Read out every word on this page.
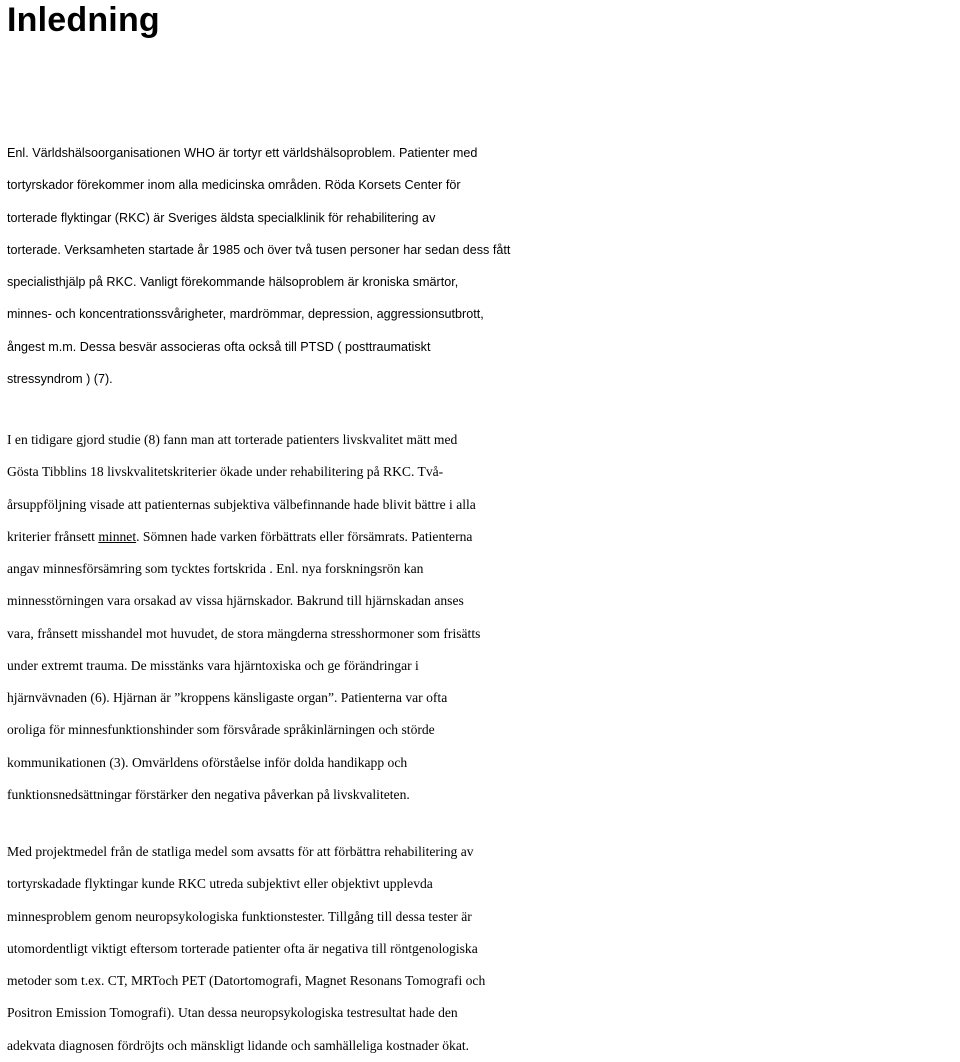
Inledning
Enl. Världshälsoorganisationen WHO är tortyr ett världshälsoproblem. Patienter med
tortyrskador förekommer inom alla medicinska områden. Röda Korsets Center för
torterade flyktingar (RKC) är Sveriges äldsta specialklinik för rehabilitering av
torterade. Verksamheten startade år 1985 och över två tusen personer har sedan dess fått
specialisthjälp på RKC. Vanligt förekommande hälsoproblem är kroniska smärtor,
minnes- och koncentrationssvårigheter, mardrömmar, depression, aggressionsutbrott,
ångest m.m. Dessa besvär associeras ofta också till PTSD ( posttraumatiskt
stressyndrom ) (7).
I en tidigare gjord studie (8) fann man att torterade patienters livskvalitet mätt med
Gösta Tibblins 18 livskvalitetskriterier ökade under rehabilitering på RKC. Två-
årsuppföljning visade att patienternas subjektiva välbefinnande hade blivit bättre i alla
kriterier frånsett minnet. Sömnen hade varken förbättrats eller försämrats. Patienterna
angav minnesförsämring som tycktes fortskrida . Enl. nya forskningsrön kan
minnesstörningen vara orsakad av vissa hjärnskador. Bakrund till hjärnskadan anses
vara, frånsett misshandel mot huvudet, de stora mängderna stresshormoner som frisätts
under extremt trauma. De misstänks vara hjärntoxiska och ge förändringar i
hjärnvävnaden (6). Hjärnan är ”kroppens känsligaste organ”. Patienterna var ofta
oroliga för minnesfunktionshinder som försvårade språkinlärningen och störde
kommunikationen (3). Omvärldens oförståelse inför dolda handikapp och
funktionsnedsättningar förstärker den negativa påverkan på livskvaliteten.
Med projektmedel från de statliga medel som avsatts för att förbättra rehabilitering av
tortyrskadade flyktingar kunde RKC utreda subjektivt eller objektivt upplevda
minnesproblem genom neuropsykologiska funktionstester. Tillgång till dessa tester är
utomordentligt viktigt eftersom torterade patienter ofta är negativa till röntgenologiska
metoder som t.ex. CT, MRToch PET (Datortomografi, Magnet Resonans Tomografi och
Positron Emission Tomografi). Utan dessa neuropsykologiska testresultat hade den
adekvata diagnosen fördröjts och mänskligt lidande och samhälleliga kostnader ökat.
